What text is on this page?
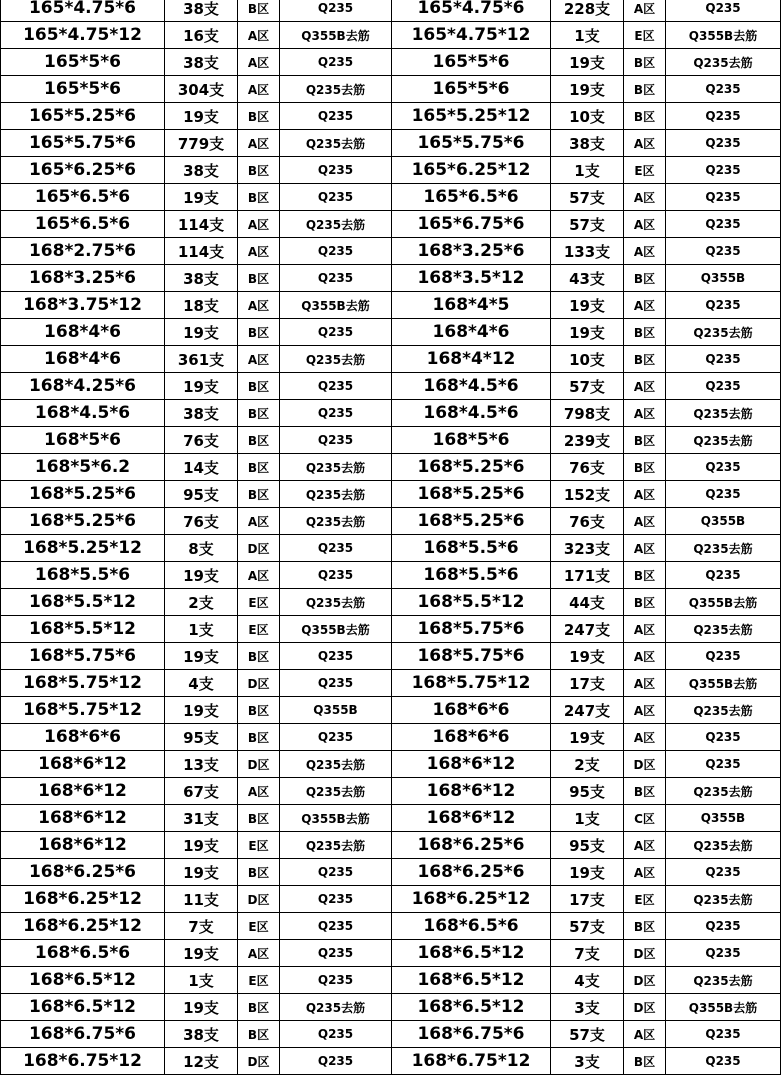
165*4.75*6	38支	B区	Q235	165*4.75*6	228支	A区	Q235
165*4.75*12	16支	A区	Q355B去筋	165*4.75*12	1支	E区	Q355B去筋
165*5*6	38支	A区	Q235	165*5*6	19支	B区	Q235去筋
165*5*6	304支	A区	Q235去筋	165*5*6	19支	B区	Q235
165*5.25*6	19支	B区	Q235	165*5.25*12	10支	B区	Q235
165*5.75*6	779支	A区	Q235去筋	165*5.75*6	38支	A区	Q235
165*6.25*6	38支	B区	Q235	165*6.25*12	1支	E区	Q235
165*6.5*6	19支	B区	Q235	165*6.5*6	57支	A区	Q235
165*6.5*6	114支	A区	Q235去筋	165*6.75*6	57支	A区	Q235
168*2.75*6	114支	A区	Q235	168*3.25*6	133支	A区	Q235
168*3.25*6	38支	B区	Q235	168*3.5*12	43支	B区	Q355B
168*3.75*12	18支	A区	Q355B去筋	168*4*5	19支	A区	Q235
168*4*6	19支	B区	Q235	168*4*6	19支	B区	Q235去筋
168*4*6	361支	A区	Q235去筋	168*4*12	10支	B区	Q235
168*4.25*6	19支	B区	Q235	168*4.5*6	57支	A区	Q235
168*4.5*6	38支	B区	Q235	168*4.5*6	798支	A区	Q235去筋
168*5*6	76支	B区	Q235	168*5*6	239支	B区	Q235去筋
168*5*6.2	14支	B区	Q235去筋	168*5.25*6	76支	B区	Q235
168*5.25*6	95支	B区	Q235去筋	168*5.25*6	152支	A区	Q235
168*5.25*6	76支	A区	Q235去筋	168*5.25*6	76支	A区	Q355B
168*5.25*12	8支	D区	Q235	168*5.5*6	323支	A区	Q235去筋
168*5.5*6	19支	A区	Q235	168*5.5*6	171支	B区	Q235
168*5.5*12	2支	E区	Q235去筋	168*5.5*12	44支	B区	Q355B去筋
168*5.5*12	1支	E区	Q355B去筋	168*5.75*6	247支	A区	Q235去筋
168*5.75*6	19支	B区	Q235	168*5.75*6	19支	A区	Q235
168*5.75*12	4支	D区	Q235	168*5.75*12	17支	A区	Q355B去筋
168*5.75*12	19支	B区	Q355B	168*6*6	247支	A区	Q235去筋
168*6*6	95支	B区	Q235	168*6*6	19支	A区	Q235
168*6*12	13支	D区	Q235去筋	168*6*12	2支	D区	Q235
168*6*12	67支	A区	Q235去筋	168*6*12	95支	B区	Q235去筋
168*6*12	31支	B区	Q355B去筋	168*6*12	1支	C区	Q355B
168*6*12	19支	E区	Q235去筋	168*6.25*6	95支	A区	Q235去筋
168*6.25*6	19支	B区	Q235	168*6.25*6	19支	A区	Q235
168*6.25*12	11支	D区	Q235	168*6.25*12	17支	E区	Q235去筋
168*6.25*12	7支	E区	Q235	168*6.5*6	57支	B区	Q235
168*6.5*6	19支	A区	Q235	168*6.5*12	7支	D区	Q235
168*6.5*12	1支	E区	Q235	168*6.5*12	4支	D区	Q235去筋
168*6.5*12	19支	B区	Q235去筋	168*6.5*12	3支	D区	Q355B去筋
168*6.75*6	38支	B区	Q235	168*6.75*6	57支	A区	Q235
168*6.75*12	12支	D区	Q235	168*6.75*12	3支	B区	Q235
